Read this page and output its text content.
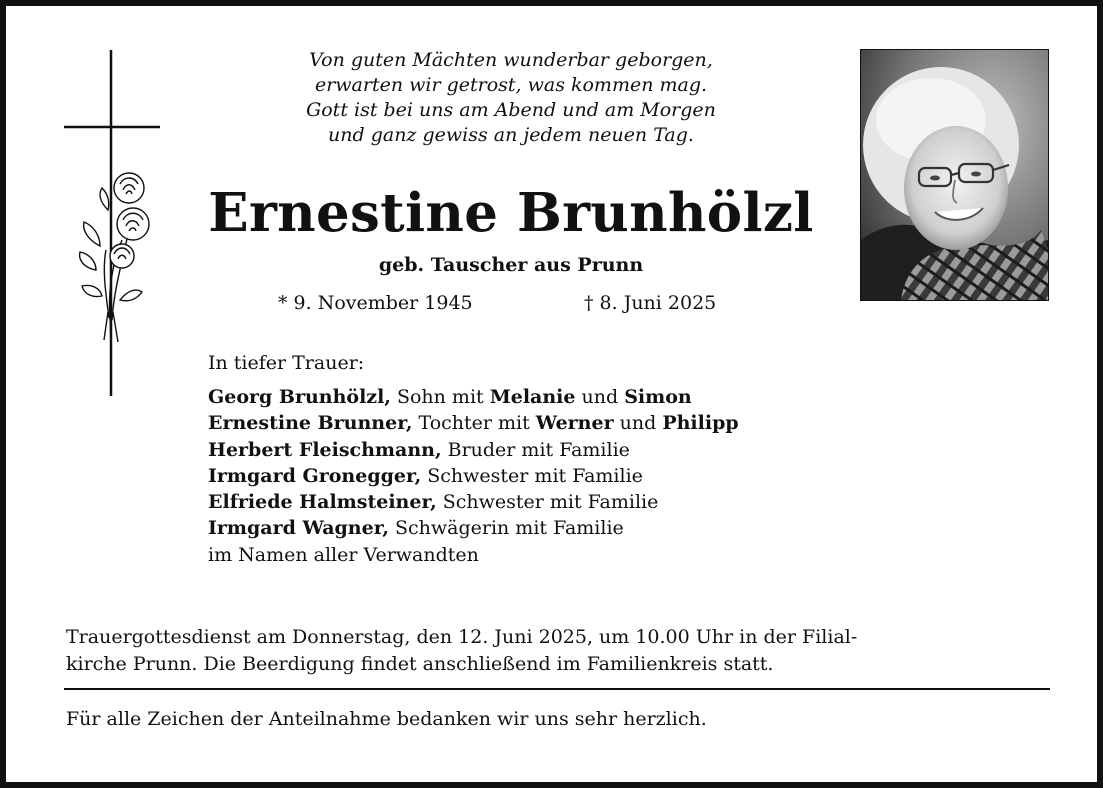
Von guten Mächten wunderbar geborgen,
erwarten wir getrost, was kommen mag.
Gott ist bei uns am Abend und am Morgen
und ganz gewiss an jedem neuen Tag.
Ernestine Brunhölzl
geb. Tauscher aus Prunn
* 9. November 1945	† 8. Juni 2025
In tiefer Trauer:
Georg Brunhölzl, Sohn mit Melanie und Simon
Ernestine Brunner, Tochter mit Werner und Philipp
Herbert Fleischmann, Bruder mit Familie
Irmgard Gronegger, Schwester mit Familie
Elfriede Halmsteiner, Schwester mit Familie
Irmgard Wagner, Schwägerin mit Familie
im Namen aller Verwandten

Trauergottesdienst am Donnerstag, den 12. Juni 2025, um 10.00 Uhr in der Filial-
kirche Prunn. Die Beerdigung findet anschließend im Familienkreis statt.

Für alle Zeichen der Anteilnahme bedanken wir uns sehr herzlich.
